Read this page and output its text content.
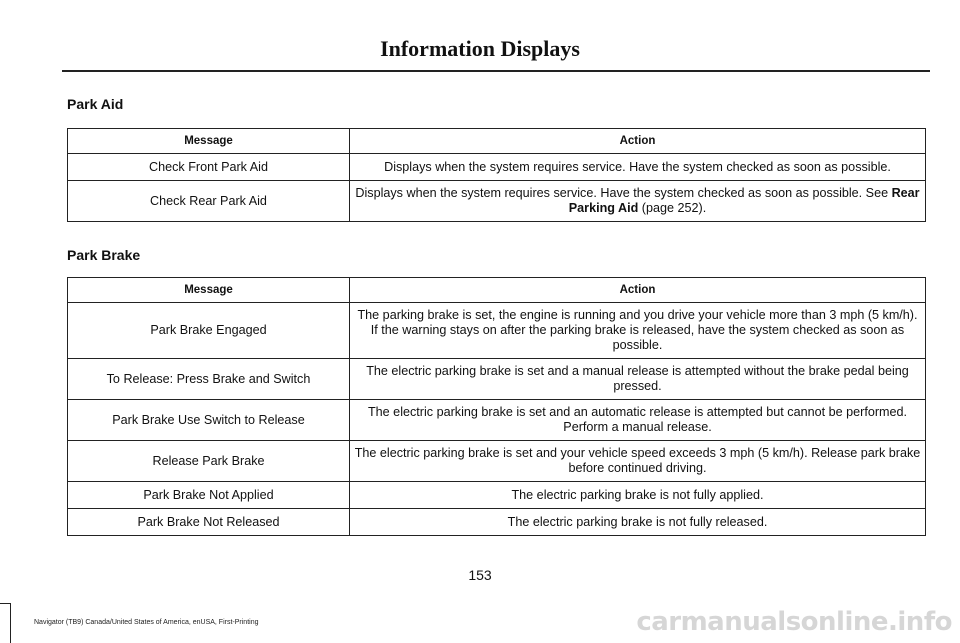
Information Displays
Park Aid
Message	Action
Check Front Park Aid	Displays when the system requires service. Have the system checked as soon as possible.
Check Rear Park Aid	Displays when the system requires service. Have the system checked as soon as possible. See Rear Parking Aid (page 252).
Park Brake
Message	Action
Park Brake Engaged	The parking brake is set, the engine is running and you drive your vehicle more than 3 mph (5 km/h). If the warning stays on after the parking brake is released, have the system checked as soon as possible.
To Release: Press Brake and Switch	The electric parking brake is set and a manual release is attempted without the brake pedal being pressed.
Park Brake Use Switch to Release	The electric parking brake is set and an automatic release is attempted but cannot be performed. Perform a manual release.
Release Park Brake	The electric parking brake is set and your vehicle speed exceeds 3 mph (5 km/h). Release park brake before continued driving.
Park Brake Not Applied	The electric parking brake is not fully applied.
Park Brake Not Released	The electric parking brake is not fully released.
153
Navigator (TB9) Canada/United States of America, enUSA, First-Printing	carmanualsonline.info
